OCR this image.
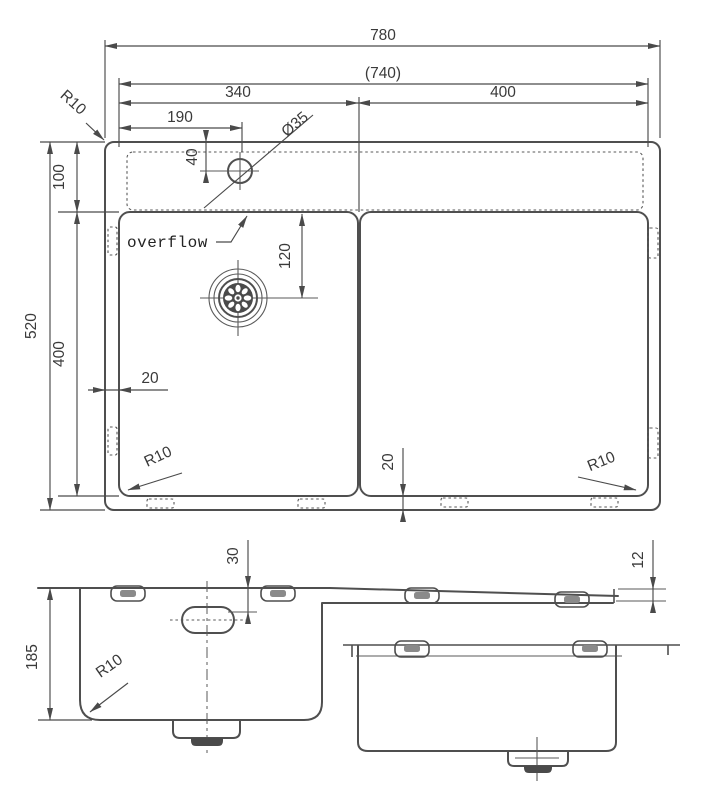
780
(740)
340	400
190	Ø35
40
100
520
400
120
20
20
overflow
R10
R10	R10
30
185	R10
12
